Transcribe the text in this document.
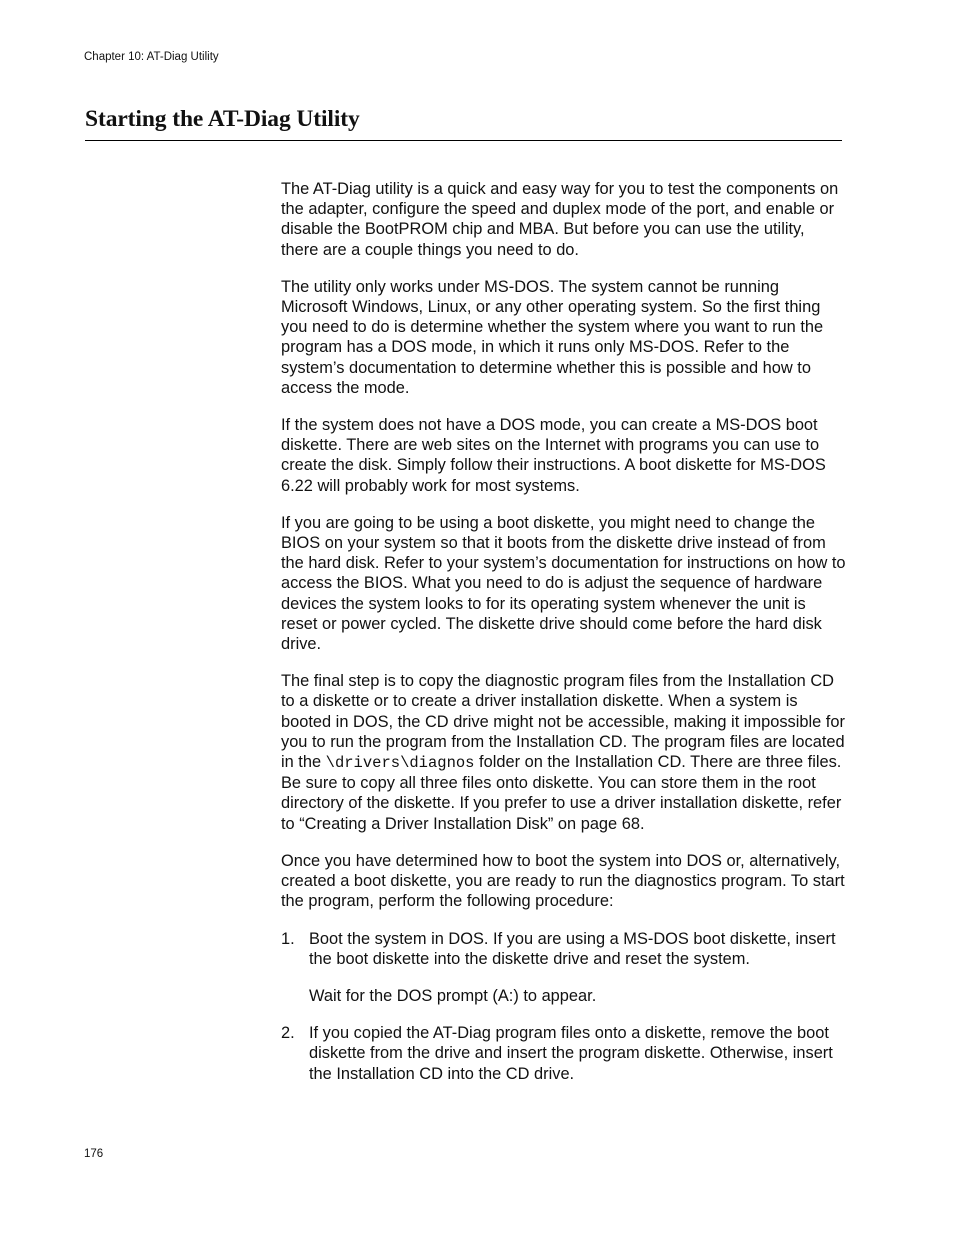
Chapter 10: AT-Diag Utility
Starting the AT-Diag Utility

The AT-Diag utility is a quick and easy way for you to test the components on the adapter, configure the speed and duplex mode of the port, and enable or disable the BootPROM chip and MBA. But before you can use the utility, there are a couple things you need to do.

The utility only works under MS-DOS. The system cannot be running Microsoft Windows, Linux, or any other operating system. So the first thing you need to do is determine whether the system where you want to run the program has a DOS mode, in which it runs only MS-DOS. Refer to the system’s documentation to determine whether this is possible and how to access the mode.

If the system does not have a DOS mode, you can create a MS-DOS boot diskette. There are web sites on the Internet with programs you can use to create the disk. Simply follow their instructions. A boot diskette for MS-DOS 6.22 will probably work for most systems.

If you are going to be using a boot diskette, you might need to change the BIOS on your system so that it boots from the diskette drive instead of from the hard disk. Refer to your system’s documentation for instructions on how to access the BIOS. What you need to do is adjust the sequence of hardware devices the system looks to for its operating system whenever the unit is reset or power cycled. The diskette drive should come before the hard disk drive.

The final step is to copy the diagnostic program files from the Installation CD to a diskette or to create a driver installation diskette. When a system is booted in DOS, the CD drive might not be accessible, making it impossible for you to run the program from the Installation CD. The program files are located in the \drivers\diagnos folder on the Installation CD. There are three files. Be sure to copy all three files onto diskette. You can store them in the root directory of the diskette. If you prefer to use a driver installation diskette, refer to “Creating a Driver Installation Disk” on page 68.

Once you have determined how to boot the system into DOS or, alternatively, created a boot diskette, you are ready to run the diagnostics program. To start the program, perform the following procedure:

1. Boot the system in DOS. If you are using a MS-DOS boot diskette, insert the boot diskette into the diskette drive and reset the system.
Wait for the DOS prompt (A:) to appear.
2. If you copied the AT-Diag program files onto a diskette, remove the boot diskette from the drive and insert the program diskette. Otherwise, insert the Installation CD into the CD drive.
176
